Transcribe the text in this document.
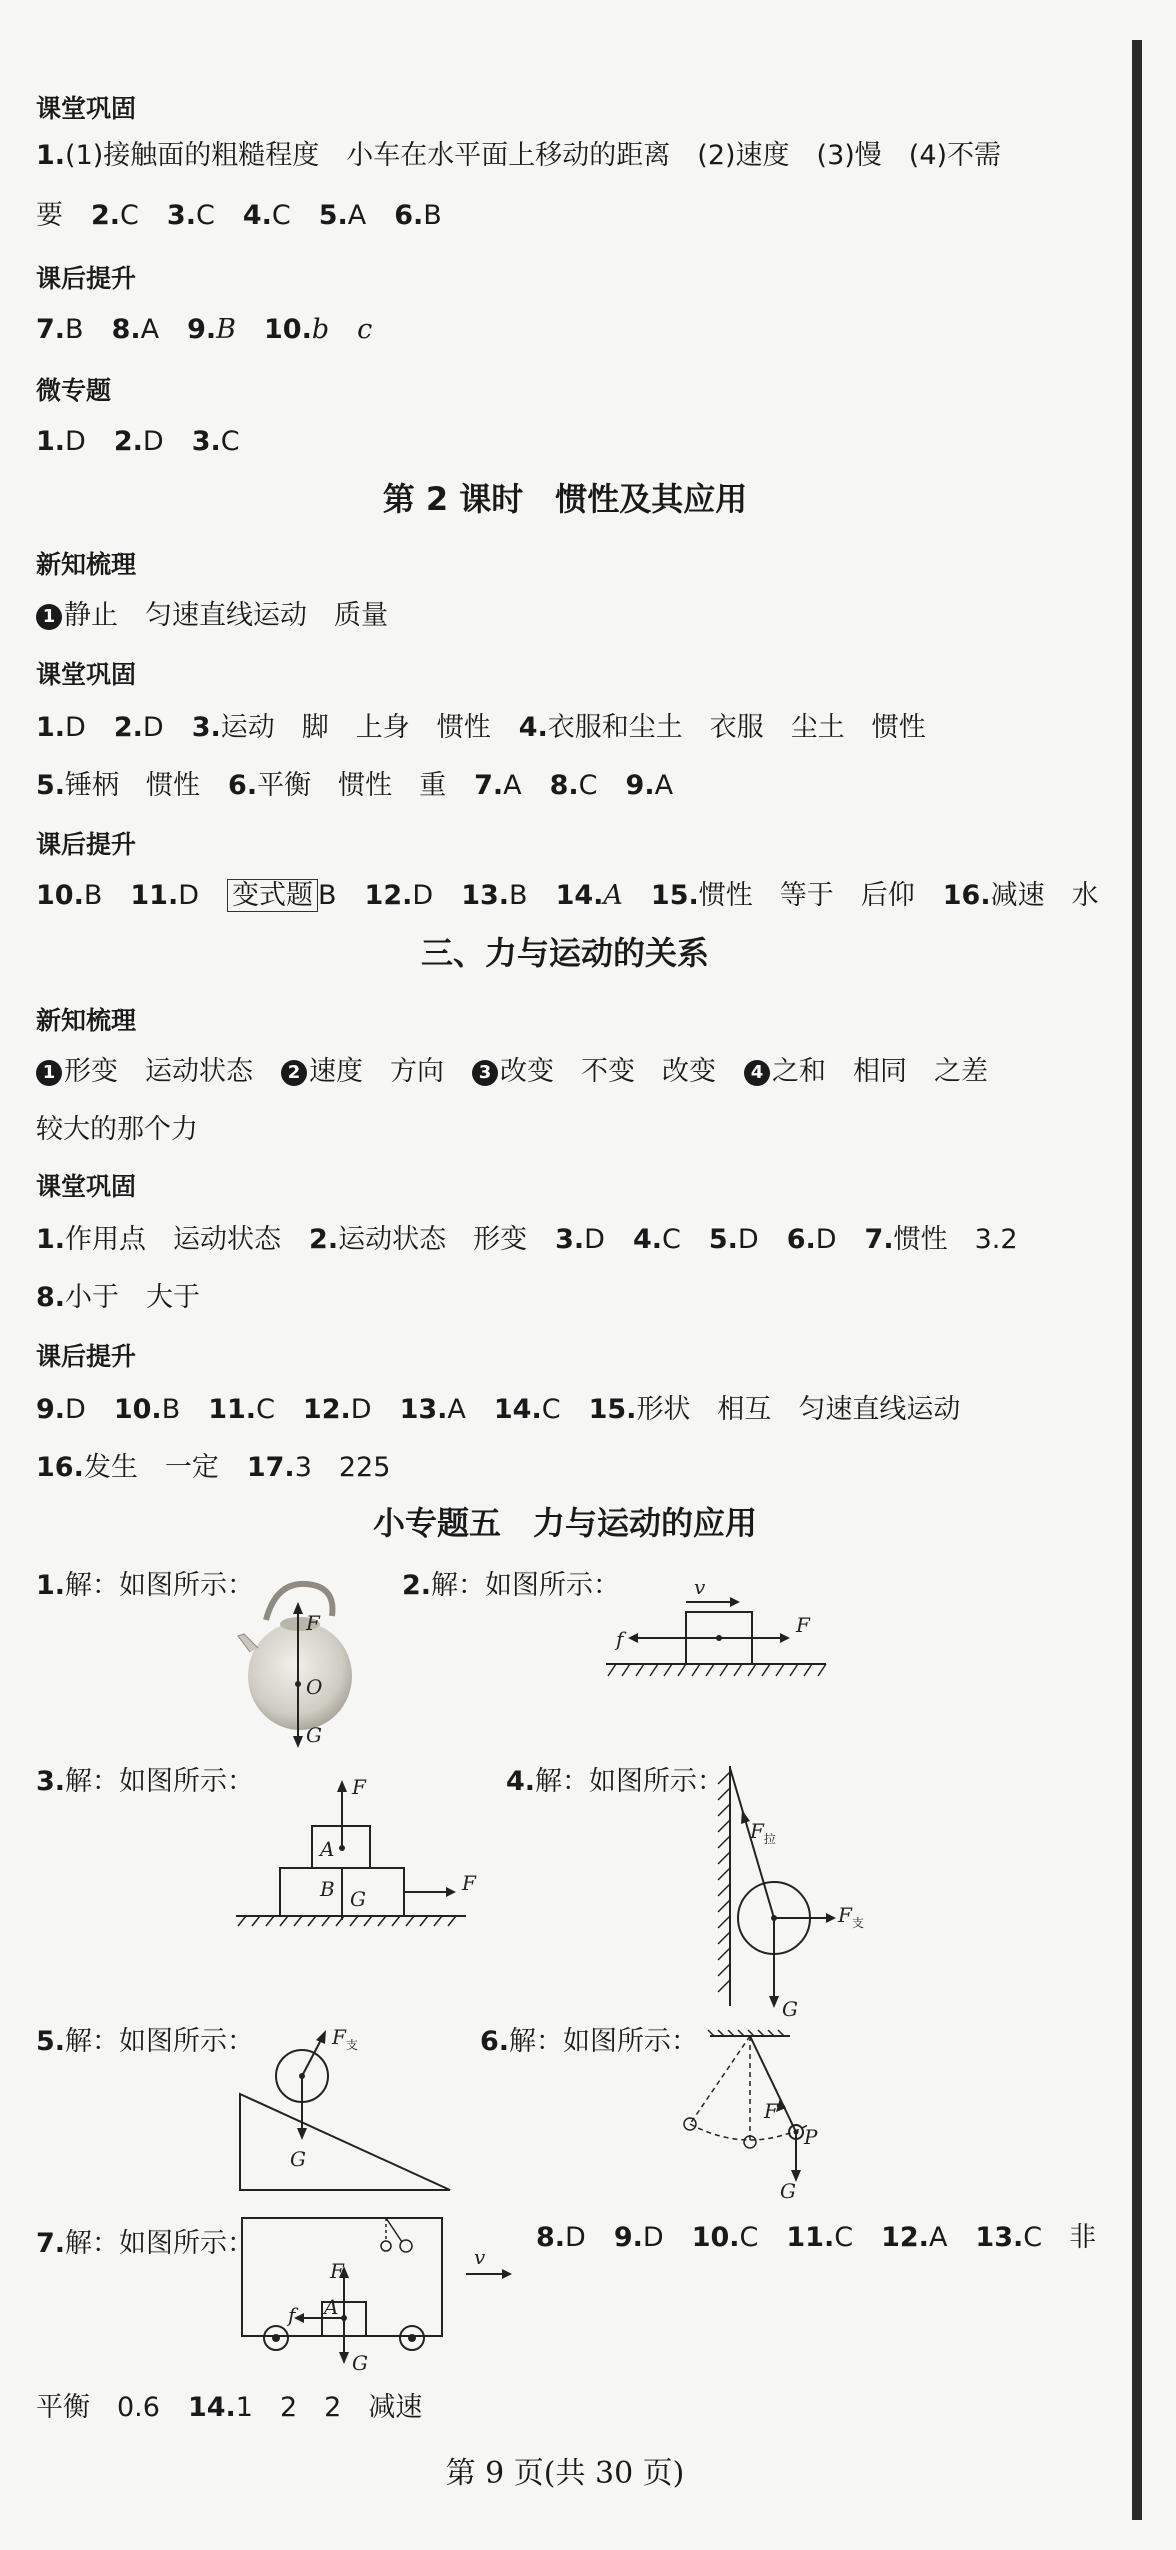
课堂巩固
1.(1)接触面的粗糙程度　小车在水平面上移动的距离　(2)速度　(3)慢　(4)不需
要 2.C 3.C 4.C 5.A 6.B
课后提升
7.B 8.A 9.B 10.b c
微专题
1.D 2.D 3.C
第 2 课时　惯性及其应用
新知梳理
1 静止　匀速直线运动　质量
课堂巩固
1.D 2.D 3.运动　脚　上身　惯性 4.衣服和尘土　衣服　尘土　惯性
5.锤柄　惯性 6.平衡　惯性　重 7.A 8.C 9.A
课后提升
10.B 11.D 变式题 B 12.D 13.B 14.A 15.惯性　等于　后仰 16.减速　水
三、力与运动的关系
新知梳理
1 形变　运动状态 2 速度　方向 3 改变　不变　改变 4 之和　相同　之差
较大的那个力
课堂巩固
1.作用点　运动状态 2.运动状态　形变 3.D 4.C 5.D 6.D 7.惯性　3.2
8.小于　大于
课后提升
9.D 10.B 11.C 12.D 13.A 14.C 15.形状　相互　匀速直线运动
16.发生　一定 17.3　225
小专题五　力与运动的应用
1.解：如图所示：	2.解：如图所示：
3.解：如图所示：	4.解：如图所示：
5.解：如图所示：	6.解：如图所示：
7.解：如图所示：	8.D 9.D 10.C 11.C 12.A 13.C　非
平衡　0.6 14.1　2　2　减速
F
O
G
v
f
F
F
A
B G
F
$F_拉$
$F_支$
G
$F_支$
G
F
P
G
F
A
f
G
v
第 9 页(共 30 页)
